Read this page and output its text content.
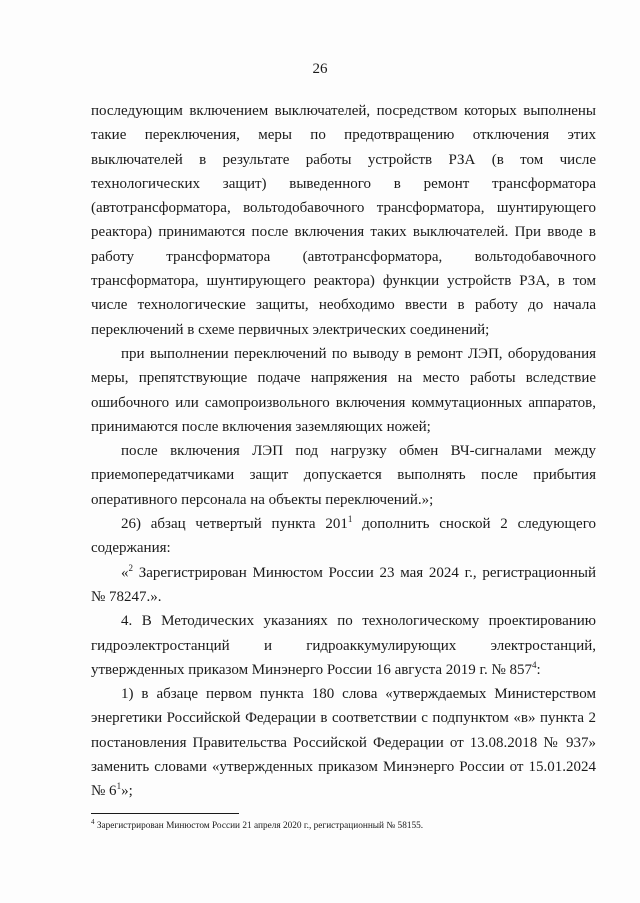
26

последующим включением выключателей, посредством которых выполнены такие переключения, меры по предотвращению отключения этих выключателей в результате работы устройств РЗА (в том числе технологических защит) выведенного в ремонт трансформатора (автотрансформатора, вольтодобавочного трансформатора, шунтирующего реактора) принимаются после включения таких выключателей. При вводе в работу трансформатора (автотрансформатора, вольтодобавочного трансформатора, шунтирующего реактора) функции устройств РЗА, в том числе технологические защиты, необходимо ввести в работу до начала переключений в схеме первичных электрических соединений;

при выполнении переключений по выводу в ремонт ЛЭП, оборудования меры, препятствующие подаче напряжения на место работы вследствие ошибочного или самопроизвольного включения коммутационных аппаратов, принимаются после включения заземляющих ножей;

после включения ЛЭП под нагрузку обмен ВЧ-сигналами между приемопередатчиками защит допускается выполнять после прибытия оперативного персонала на объекты переключений.»;

26) абзац четвертый пункта $201^1$ дополнить сноской 2 следующего содержания:

«$^2$ Зарегистрирован Минюстом России 23 мая 2024 г., регистрационный № 78247.».

4. В Методических указаниях по технологическому проектированию гидроэлектростанций и гидроаккумулирующих электростанций, утвержденных приказом Минэнерго России 16 августа 2019 г. № $857^4$:

1) в абзаце первом пункта 180 слова «утверждаемых Министерством энергетики Российской Федерации в соответствии с подпунктом «в» пункта 2 постановления Правительства Российской Федерации от 13.08.2018 № 937» заменить словами «утвержденных приказом Минэнерго России от 15.01.2024 № $6^1$»;

$^4$ Зарегистрирован Минюстом России 21 апреля 2020 г., регистрационный № 58155.
